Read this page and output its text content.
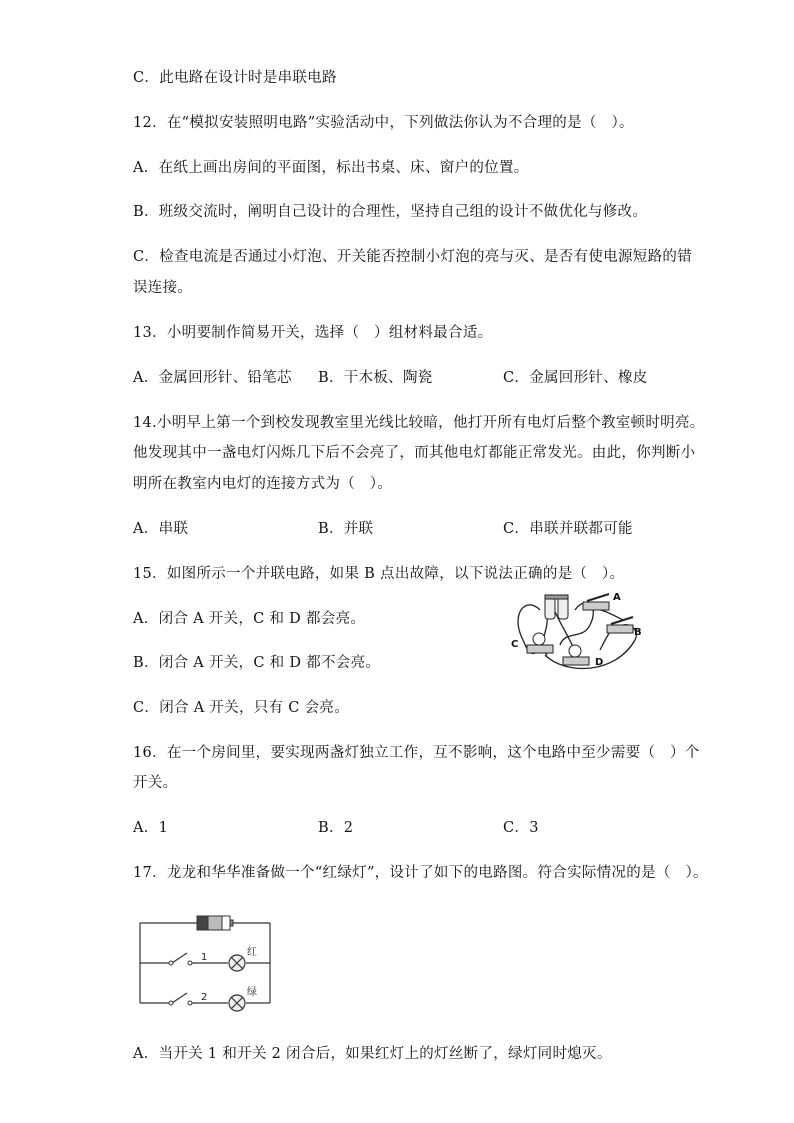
C．此电路在设计时是串联电路
12．在“模拟安装照明电路”实验活动中，下列做法你认为不合理的是（　）。
A．在纸上画出房间的平面图，标出书桌、床、窗户的位置。
B．班级交流时，阐明自己设计的合理性，坚持自己组的设计不做优化与修改。
C．检查电流是否通过小灯泡、开关能否控制小灯泡的亮与灭、是否有使电源短路的错
误连接。
13．小明要制作简易开关，选择（　）组材料最合适。
A．金属回形针、铅笔芯 B．干木板、陶瓷	C．金属回形针、橡皮
14.小明早上第一个到校发现教室里光线比较暗，他打开所有电灯后整个教室顿时明亮。
他发现其中一盏电灯闪烁几下后不会亮了，而其他电灯都能正常发光。由此，你判断小
明所在教室内电灯的连接方式为（　）。
A．串联	B．并联	C．串联并联都可能
15．如图所示一个并联电路，如果 B 点出故障，以下说法正确的是（　）。
A．闭合 A 开关，C 和 D 都会亮。
B．闭合 A 开关，C 和 D 都不会亮。
C．闭合 A 开关，只有 C 会亮。
A
B
C
D
16．在一个房间里，要实现两盏灯独立工作，互不影响，这个电路中至少需要（　）个
开关。
A．1	B．2	C．3
17．龙龙和华华准备做一个“红绿灯”，设计了如下的电路图。符合实际情况的是（　）。
1
2
红
绿
A．当开关 1 和开关 2 闭合后，如果红灯上的灯丝断了，绿灯同时熄灭。
